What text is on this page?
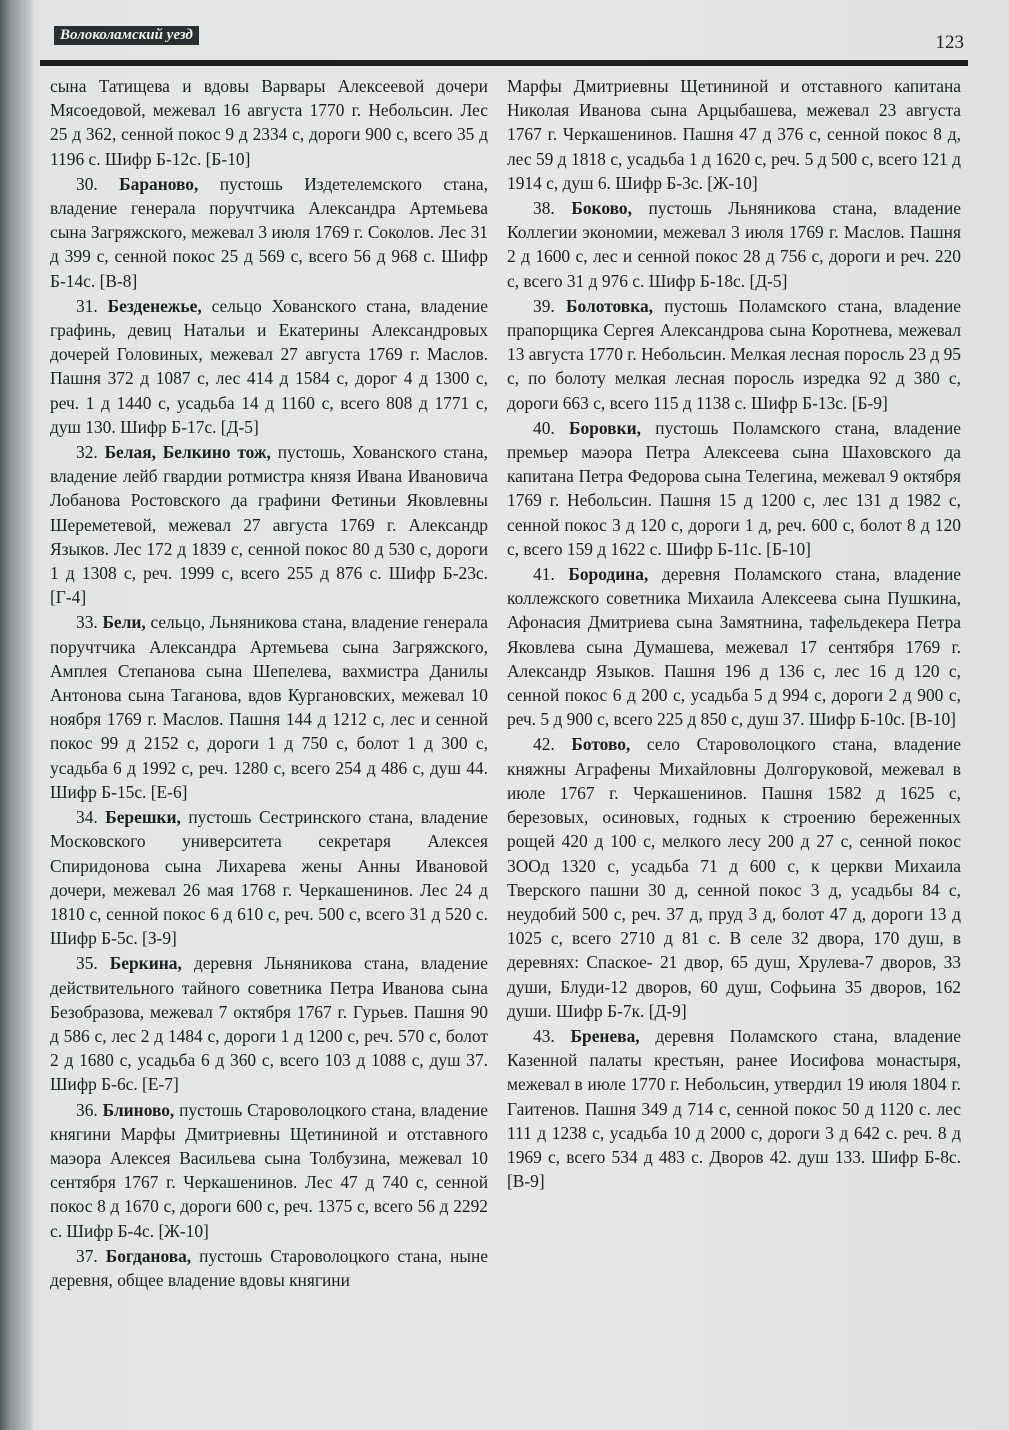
Волоколамский уезд	123

сына Татищева и вдовы Варвары Алексеевой дочери Мясоедовой, межевал 16 августа 1770 г. Небольсин. Лес 25 д 362, сенной покос 9 д 2334 с, дороги 900 с, всего 35 д 1196 с. Шифр Б-12с. [Б-10]

30. Бараново, пустошь Издетелемского стана, владение генерала поручтчика Александра Артемьева сына Загряжского, межевал 3 июля 1769 г. Соколов. Лес 31 д 399 с, сенной покос 25 д 569 с, всего 56 д 968 с. Шифр Б-14с. [В-8]

31. Безденежье, сельцо Хованского стана, владение графинь, девиц Натальи и Екатерины Александровых дочерей Головиных, межевал 27 августа 1769 г. Маслов. Пашня 372 д 1087 с, лес 414 д 1584 с, дорог 4 д 1300 с, реч. 1 д 1440 с, усадьба 14 д 1160 с, всего 808 д 1771 с, душ 130. Шифр Б-17с. [Д-5]

32. Белая, Белкино тож, пустошь, Хованского стана, владение лейб гвардии ротмистра князя Ивана Ивановича Лобанова Ростовского да графини Фетиньи Яковлевны Шереметевой, межевал 27 августа 1769 г. Александр Языков. Лес 172 д 1839 с, сенной покос 80 д 530 с, дороги 1 д 1308 с, реч. 1999 с, всего 255 д 876 с. Шифр Б-23с. [Г-4]

33. Бели, сельцо, Льняникова стана, владение генерала поручтчика Александра Артемьева сына Загряжского, Амплея Степанова сына Шепелева, вахмистра Данилы Антонова сына Таганова, вдов Кургановских, межевал 10 ноября 1769 г. Маслов. Пашня 144 д 1212 с, лес и сенной покос 99 д 2152 с, дороги 1 д 750 с, болот 1 д 300 с, усадьба 6 д 1992 с, реч. 1280 с, всего 254 д 486 с, душ 44. Шифр Б-15с. [Е-6]

34. Берешки, пустошь Сестринского стана, владение Московского университета секретаря Алексея Спиридонова сына Лихарева жены Анны Ивановой дочери, межевал 26 мая 1768 г. Черкашенинов. Лес 24 д 1810 с, сенной покос 6 д 610 с, реч. 500 с, всего 31 д 520 с. Шифр Б-5с. [З-9]

35. Беркина, деревня Льняникова стана, владение действительного тайного советника Петра Иванова сына Безобразова, межевал 7 октября 1767 г. Гурьев. Пашня 90 д 586 с, лес 2 д 1484 с, дороги 1 д 1200 с, реч. 570 с, болот 2 д 1680 с, усадьба 6 д 360 с, всего 103 д 1088 с, душ 37. Шифр Б-6с. [Е-7]

36. Блиново, пустошь Староволоцкого стана, владение княгини Марфы Дмитриевны Щетининой и отставного маэора Алексея Васильева сына Толбузина, межевал 10 сентября 1767 г. Черкашенинов. Лес 47 д 740 с, сенной покос 8 д 1670 с, дороги 600 с, реч. 1375 с, всего 56 д 2292 с. Шифр Б-4с. [Ж-10]

37. Богданова, пустошь Староволоцкого стана, ныне деревня, общее владение вдовы княгини

Марфы Дмитриевны Щетининой и отставного капитана Николая Иванова сына Арцыбашева, межевал 23 августа 1767 г. Черкашенинов. Пашня 47 д 376 с, сенной покос 8 д, лес 59 д 1818 с, усадьба 1 д 1620 с, реч. 5 д 500 с, всего 121 д 1914 с, душ 6. Шифр Б-3с. [Ж-10]

38. Боково, пустошь Льняникова стана, владение Коллегии экономии, межевал 3 июля 1769 г. Маслов. Пашня 2 д 1600 с, лес и сенной покос 28 д 756 с, дороги и реч. 220 с, всего 31 д 976 с. Шифр Б-18с. [Д-5]

39. Болотовка, пустошь Поламского стана, владение прапорщика Сергея Александрова сына Коротнева, межевал 13 августа 1770 г. Небольсин. Мелкая лесная поросль 23 д 95 с, по болоту мелкая лесная поросль изредка 92 д 380 с, дороги 663 с, всего 115 д 1138 с. Шифр Б-13с. [Б-9]

40. Боровки, пустошь Поламского стана, владение премьер маэора Петра Алексеева сына Шаховского да капитана Петра Федорова сына Телегина, межевал 9 октября 1769 г. Небольсин. Пашня 15 д 1200 с, лес 131 д 1982 с, сенной покос 3 д 120 с, дороги 1 д, реч. 600 с, болот 8 д 120 с, всего 159 д 1622 с. Шифр Б-11с. [Б-10]

41. Бородина, деревня Поламского стана, владение коллежского советника Михаила Алексеева сына Пушкина, Афонасия Дмитриева сына Замятнина, тафельдекера Петра Яковлева сына Думашева, межевал 17 сентября 1769 г. Александр Языков. Пашня 196 д 136 с, лес 16 д 120 с, сенной покос 6 д 200 с, усадьба 5 д 994 с, дороги 2 д 900 с, реч. 5 д 900 с, всего 225 д 850 с, душ 37. Шифр Б-10с. [В-10]

42. Ботово, село Староволоцкого стана, владение княжны Аграфены Михайловны Долгоруковой, межевал в июле 1767 г. Черкашенинов. Пашня 1582 д 1625 с, березовых, осиновых, годных к строению береженных рощей 420 д 100 с, мелкого лесу 200 д 27 с, сенной покос 3ООд 1320 с, усадьба 71 д 600 с, к церкви Михаила Тверского пашни 30 д, сенной покос 3 д, усадьбы 84 с, неудобий 500 с, реч. 37 д, пруд 3 д, болот 47 д, дороги 13 д 1025 с, всего 2710 д 81 с. В селе 32 двора, 170 душ, в деревнях: Спаское- 21 двор, 65 душ, Хрулева-7 дворов, 33 души, Блуди-12 дворов, 60 душ, Софьина 35 дворов, 162 души. Шифр Б-7к. [Д-9]

43. Бренева, деревня Поламского стана, владение Казенной палаты крестьян, ранее Иосифова монастыря, межевал в июле 1770 г. Небольсин, утвердил 19 июля 1804 г. Гаитенов. Пашня 349 д 714 с, сенной покос 50 д 1120 с. лес 111 д 1238 с, усадьба 10 д 2000 с, дороги 3 д 642 с. реч. 8 д 1969 с, всего 534 д 483 с. Дворов 42. душ 133. Шифр Б-8с. [В-9]
